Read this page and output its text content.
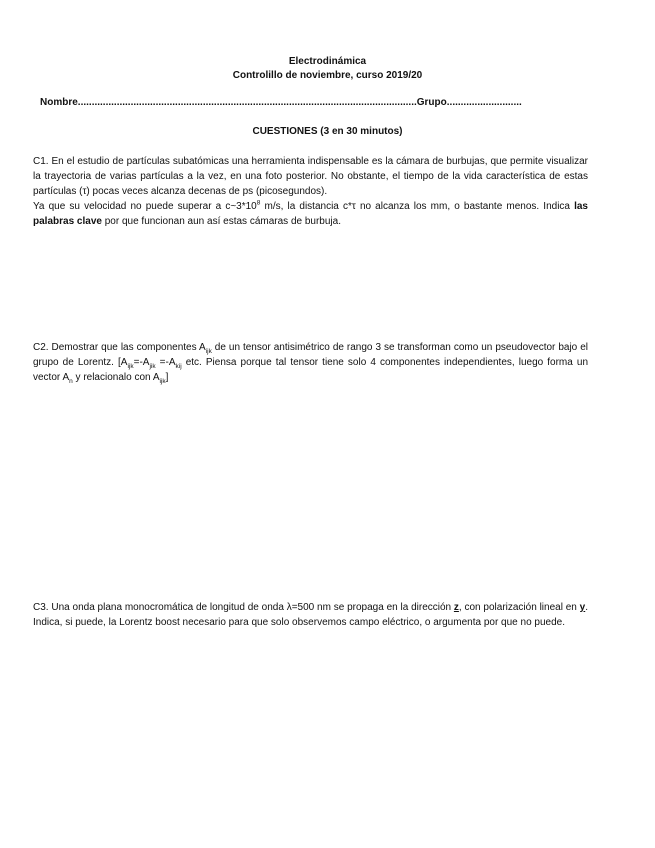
Electrodinámica
Controlillo de noviembre, curso 2019/20
Nombre..........................................................................................................................Grupo...........................
CUESTIONES (3 en 30 minutos)

C1. En el estudio de partículas subatómicas una herramienta indispensable es la cámara de burbujas, que permite visualizar la trayectoria de varias partículas a la vez, en una foto posterior. No obstante, el tiempo de la vida característica de estas partículas (τ) pocas veces alcanza decenas de ps (picosegundos).

Ya que su velocidad no puede superar a $c\sim 3*10^8$ m/s, la distancia c*τ no alcanza los mm, o bastante menos. Indica las palabras clave por que funcionan aun así estas cámaras de burbuja.

C2. Demostrar que las componentes $A_{ijk}$ de un tensor antisimétrico de rango 3 se transforman como un pseudovector bajo el grupo de Lorentz. [$A_{ijk}=-A_{jik} =-A_{kij}$ etc. Piensa porque tal tensor tiene solo 4 componentes independientes, luego forma un vector $A_n$ y relacionalo con $A_{ijk}$]

C3. Una onda plana monocromática de longitud de onda λ=500 nm se propaga en la dirección z, con polarización lineal en y. Indica, si puede, la Lorentz boost necesario para que solo observemos campo eléctrico, o argumenta por que no puede.
